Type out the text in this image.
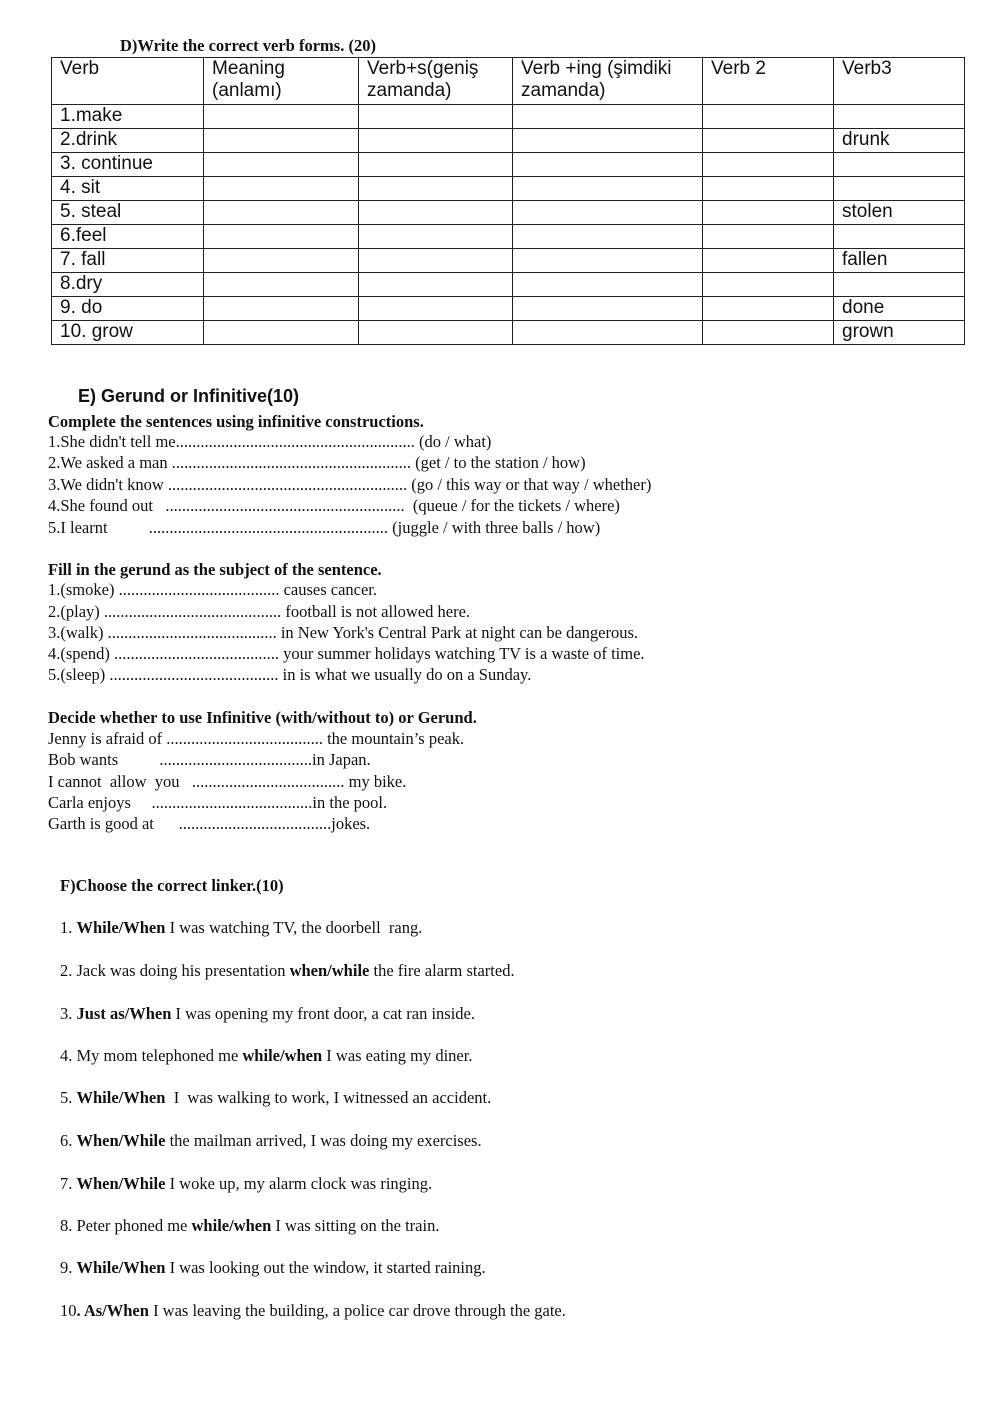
D)Write the correct verb forms. (20)
Verb	Meaning (anlamı)	Verb+s(geniş zamanda)	Verb +ing (şimdiki zamanda)	Verb 2	Verb3
1.make					
2.drink					drunk
3. continue					
4. sit					
5. steal					stolen
6.feel					
7. fall					fallen
8.dry					
9. do					done
10. grow					grown
E) Gerund or Infinitive(10)
Complete the sentences using infinitive constructions.
1.She didn't tell me.......................................................... (do / what)
2.We asked a man .......................................................... (get / to the station / how)
3.We didn't know .......................................................... (go / this way or that way / whether)
4.She found out   ..........................................................  (queue / for the tickets / where)
5.I learnt          .......................................................... (juggle / with three balls / how)
Fill in the gerund as the subject of the sentence.
1.(smoke) ....................................... causes cancer.
2.(play) ........................................... football is not allowed here.
3.(walk) ......................................... in New York's Central Park at night can be dangerous.
4.(spend) ........................................ your summer holidays watching TV is a waste of time.
5.(sleep) ......................................... in is what we usually do on a Sunday.
Decide whether to use Infinitive (with/without to) or Gerund.
Jenny is afraid of ...................................... the mountain’s peak.
Bob wants          .....................................in Japan.
I cannot  allow  you   ..................................... my bike.
Carla enjoys     .......................................in the pool.
Garth is good at      .....................................jokes.
F)Choose the correct linker.(10)
1. While/When I was watching TV, the doorbell  rang.
2. Jack was doing his presentation when/while the fire alarm started.
3. Just as/When I was opening my front door, a cat ran inside.
4. My mom telephoned me while/when I was eating my diner.
5. While/When  I  was walking to work, I witnessed an accident.
6. When/While the mailman arrived, I was doing my exercises.
7. When/While I woke up, my alarm clock was ringing.
8. Peter phoned me while/when I was sitting on the train.
9. While/When I was looking out the window, it started raining.
10. As/When I was leaving the building, a police car drove through the gate.
